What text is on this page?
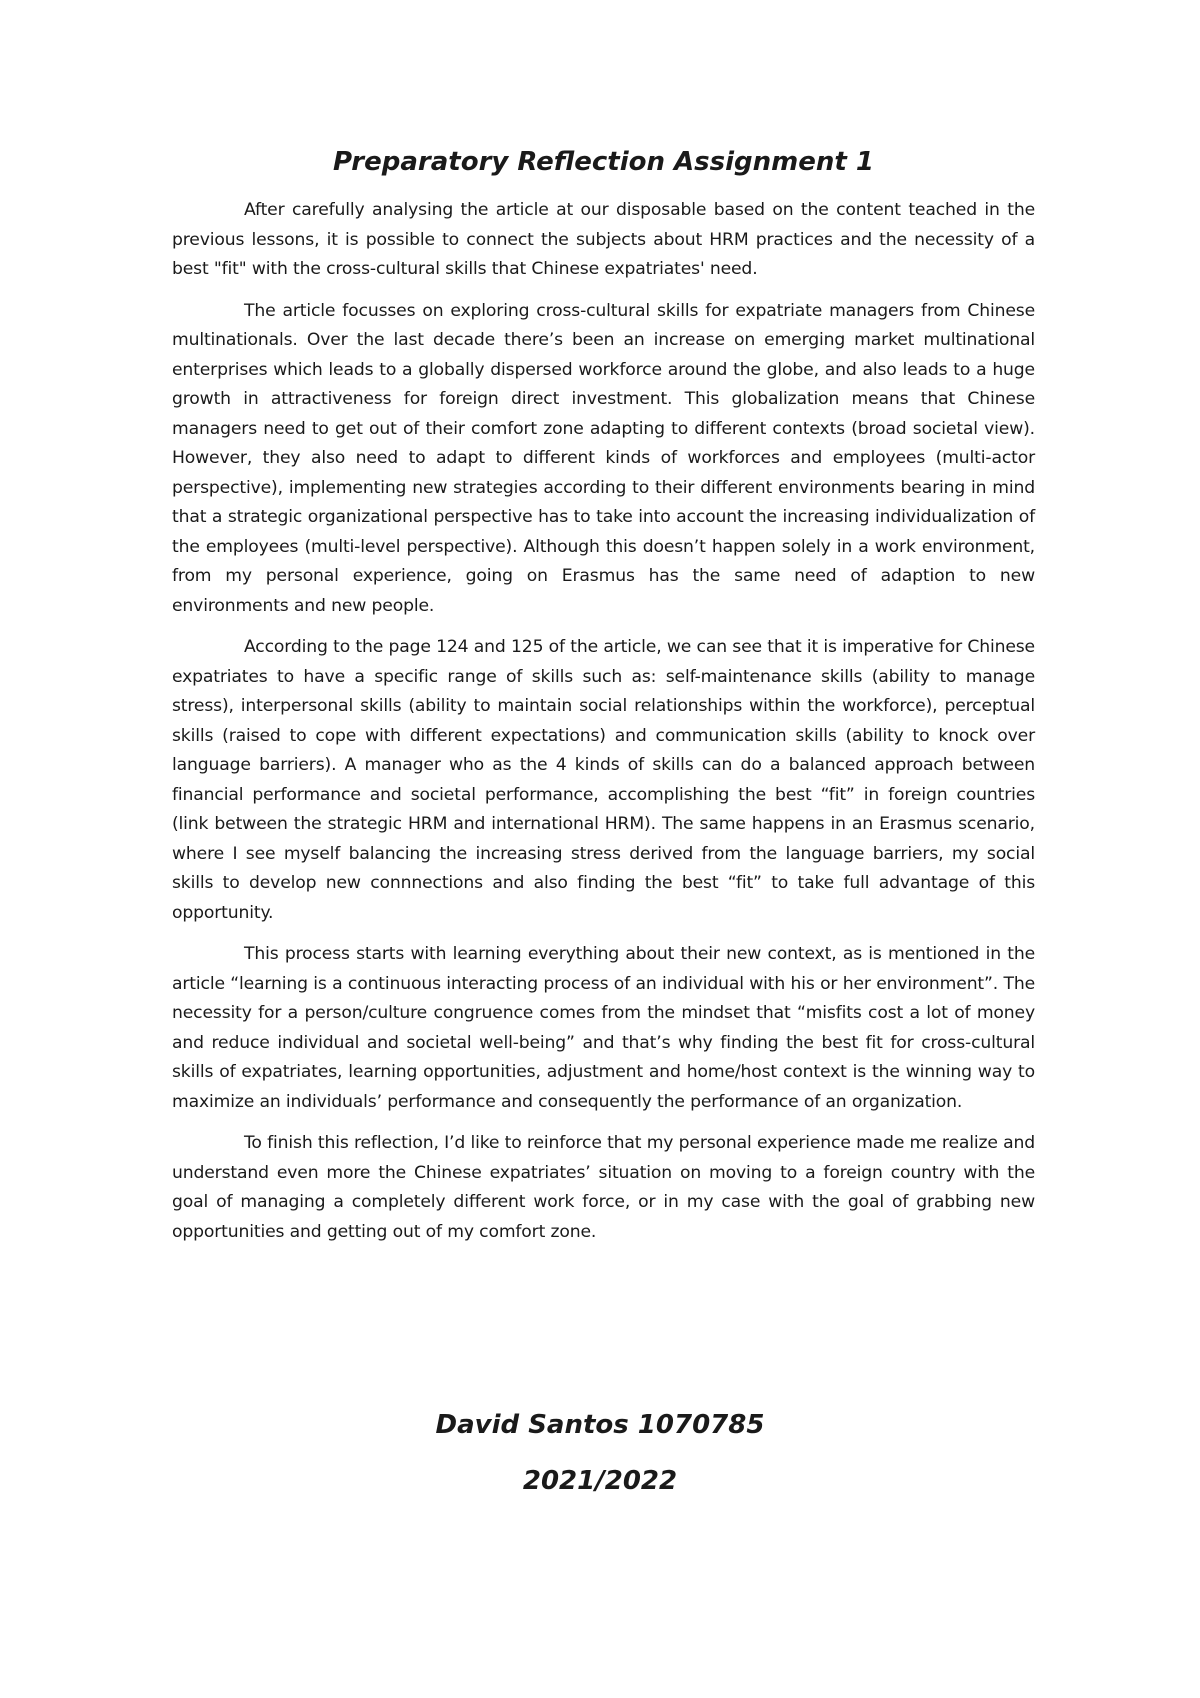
Preparatory Reflection Assignment 1

After carefully analysing the article at our disposable based on the content teached in the previous lessons, it is possible to connect the subjects about HRM practices and the necessity of a best "fit" with the cross-cultural skills that Chinese expatriates' need.

The article focusses on exploring cross-cultural skills for expatriate managers from Chinese multinationals. Over the last decade there’s been an increase on emerging market multinational enterprises which leads to a globally dispersed workforce around the globe, and also leads to a huge growth in attractiveness for foreign direct investment. This globalization means that Chinese managers need to get out of their comfort zone adapting to different contexts (broad societal view). However, they also need to adapt to different kinds of workforces and employees (multi-actor perspective), implementing new strategies according to their different environments bearing in mind that a strategic organizational perspective has to take into account the increasing individualization of the employees (multi-level perspective). Although this doesn’t happen solely in a work environment, from my personal experience, going on Erasmus has the same need of adaption to new environments and new people.

According to the page 124 and 125 of the article, we can see that it is imperative for Chinese expatriates to have a specific range of skills such as: self-maintenance skills (ability to manage stress), interpersonal skills (ability to maintain social relationships within the workforce), perceptual skills (raised to cope with different expectations) and communication skills (ability to knock over language barriers). A manager who as the 4 kinds of skills can do a balanced approach between financial performance and societal performance, accomplishing the best “fit” in foreign countries (link between the strategic HRM and international HRM). The same happens in an Erasmus scenario, where I see myself balancing the increasing stress derived from the language barriers, my social skills to develop new connnections and also finding the best “fit” to take full advantage of this opportunity.

This process starts with learning everything about their new context, as is mentioned in the article “learning is a continuous interacting process of an individual with his or her environment”. The necessity for a person/culture congruence comes from the mindset that “misfits cost a lot of money and reduce individual and societal well-being” and that’s why finding the best fit for cross-cultural skills of expatriates, learning opportunities, adjustment and home/host context is the winning way to maximize an individuals’ performance and consequently the performance of an organization.

To finish this reflection, I’d like to reinforce that my personal experience made me realize and understand even more the Chinese expatriates’ situation on moving to a foreign country with the goal of managing a completely different work force, or in my case with the goal of grabbing new opportunities and getting out of my comfort zone.

David Santos 1070785
2021/2022
